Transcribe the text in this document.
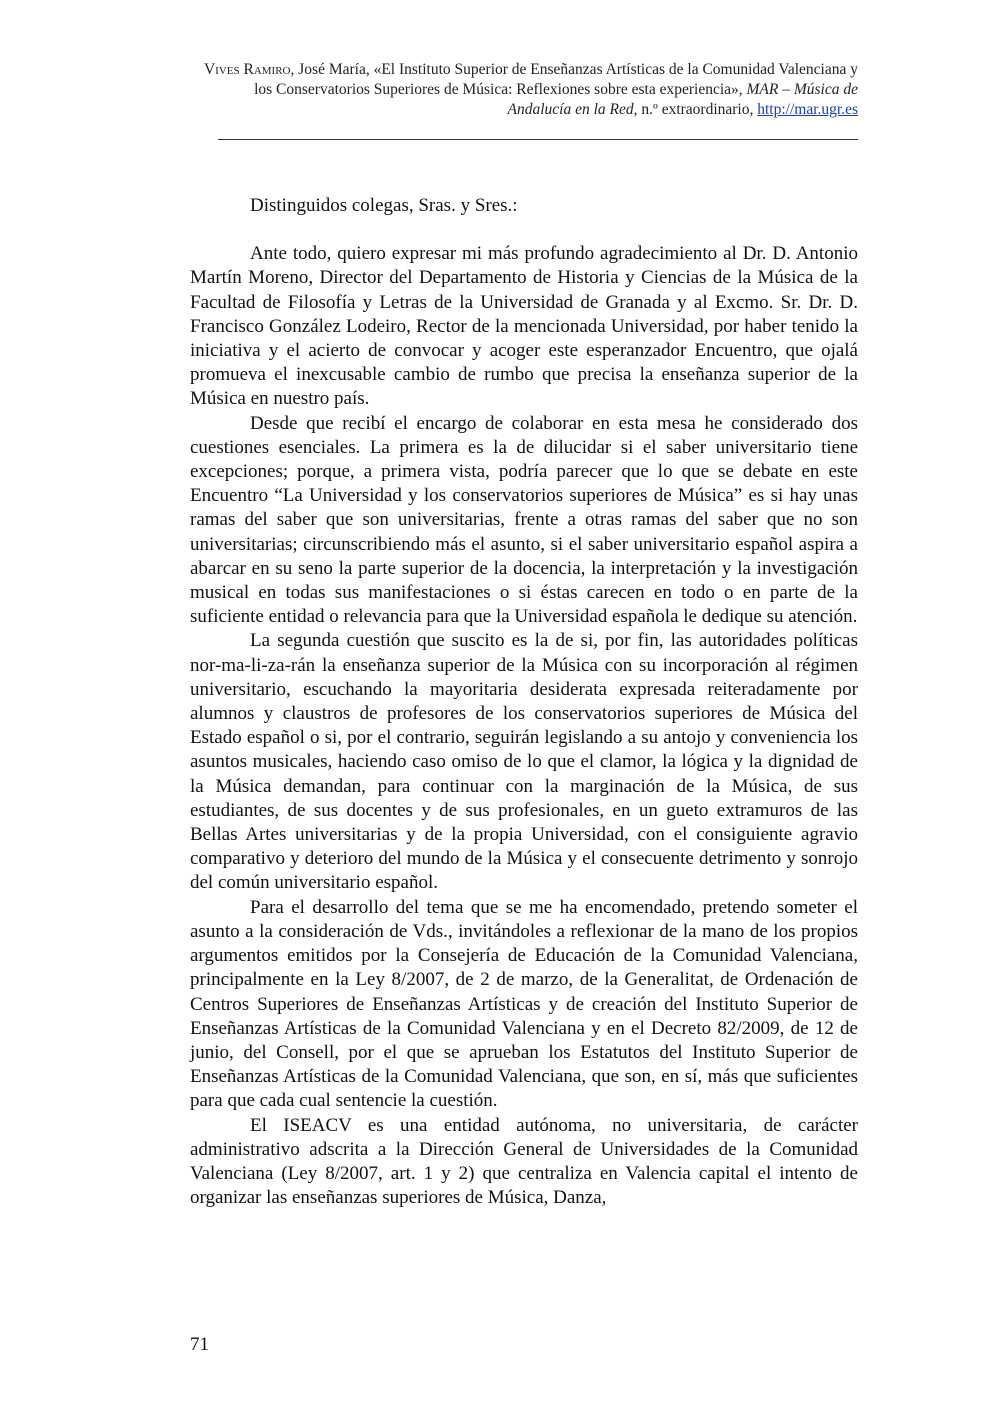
Vives Ramiro, José María, «El Instituto Superior de Enseñanzas Artísticas de la Comunidad Valenciana y los Conservatorios Superiores de Música: Reflexiones sobre esta experiencia», MAR – Música de Andalucía en la Red, n.º extraordinario, http://mar.ugr.es

Distinguidos colegas, Sras. y Sres.:

Ante todo, quiero expresar mi más profundo agradecimiento al Dr. D. Antonio Martín Moreno, Director del Departamento de Historia y Ciencias de la Música de la Facultad de Filosofía y Letras de la Universidad de Granada y al Excmo. Sr. Dr. D. Francisco González Lodeiro, Rector de la mencionada Universidad, por haber tenido la iniciativa y el acierto de convocar y acoger este esperanzador Encuentro, que ojalá promueva el inexcusable cambio de rumbo que precisa la enseñanza superior de la Música en nuestro país.

Desde que recibí el encargo de colaborar en esta mesa he considerado dos cuestiones esenciales. La primera es la de dilucidar si el saber universitario tiene excepciones; porque, a primera vista, podría parecer que lo que se debate en este Encuentro “La Universidad y los conservatorios superiores de Música” es si hay unas ramas del saber que son universitarias, frente a otras ramas del saber que no son universitarias; circunscribiendo más el asunto, si el saber universitario español aspira a abarcar en su seno la parte superior de la docencia, la interpretación y la investigación musical en todas sus manifestaciones o si éstas carecen en todo o en parte de la suficiente entidad o relevancia para que la Universidad española le dedique su atención.

La segunda cuestión que suscito es la de si, por fin, las autoridades políticas nor-ma-li-za-rán la enseñanza superior de la Música con su incorporación al régimen universitario, escuchando la mayoritaria desiderata expresada reiteradamente por alumnos y claustros de profesores de los conservatorios superiores de Música del Estado español o si, por el contrario, seguirán legislando a su antojo y conveniencia los asuntos musicales, haciendo caso omiso de lo que el clamor, la lógica y la dignidad de la Música demandan, para continuar con la marginación de la Música, de sus estudiantes, de sus docentes y de sus profesionales, en un gueto extramuros de las Bellas Artes universitarias y de la propia Universidad, con el consiguiente agravio comparativo y deterioro del mundo de la Música y el consecuente detrimento y sonrojo del común universitario español.

Para el desarrollo del tema que se me ha encomendado, pretendo someter el asunto a la consideración de Vds., invitándoles a reflexionar de la mano de los propios argumentos emitidos por la Consejería de Educación de la Comunidad Valenciana, principalmente en la Ley 8/2007, de 2 de marzo, de la Generalitat, de Ordenación de Centros Superiores de Enseñanzas Artísticas y de creación del Instituto Superior de Enseñanzas Artísticas de la Comunidad Valenciana y en el Decreto 82/2009, de 12 de junio, del Consell, por el que se aprueban los Estatutos del Instituto Superior de Enseñanzas Artísticas de la Comunidad Valenciana, que son, en sí, más que suficientes para que cada cual sentencie la cuestión.

El ISEACV es una entidad autónoma, no universitaria, de carácter administrativo adscrita a la Dirección General de Universidades de la Comunidad Valenciana (Ley 8/2007, art. 1 y 2) que centraliza en Valencia capital el intento de organizar las enseñanzas superiores de Música, Danza,

71
